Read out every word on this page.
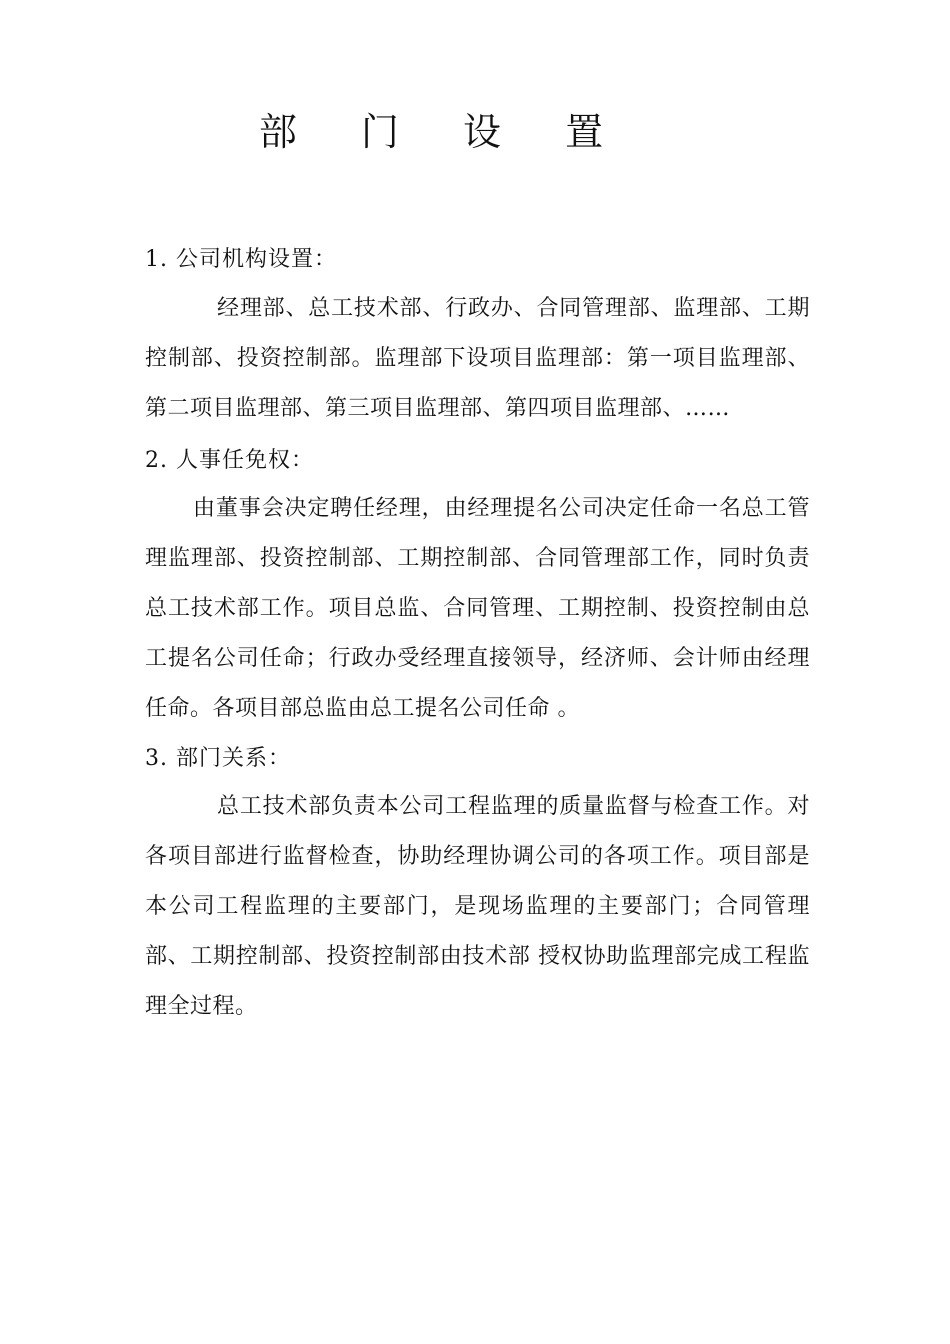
部 门 设 置

1. 公司机构设置：

经理部、总工技术部、行政办、合同管理部、监理部、工期控制部、投资控制部。监理部下设项目监理部：第一项目监理部、第二项目监理部、第三项目监理部、第四项目监理部、……

2. 人事任免权：

由董事会决定聘任经理，由经理提名公司决定任命一名总工管理监理部、投资控制部、工期控制部、合同管理部工作，同时负责总工技术部工作。项目总监、合同管理、工期控制、投资控制由总工提名公司任命；行政办受经理直接领导，经济师、会计师由经理任命。各项目部总监由总工提名公司任命 。

3. 部门关系：

总工技术部负责本公司工程监理的质量监督与检查工作。对各项目部进行监督检查，协助经理协调公司的各项工作。项目部是本公司工程监理的主要部门，是现场监理的主要部门；合同管理部、工期控制部、投资控制部由技术部 授权协助监理部完成工程监理全过程。
